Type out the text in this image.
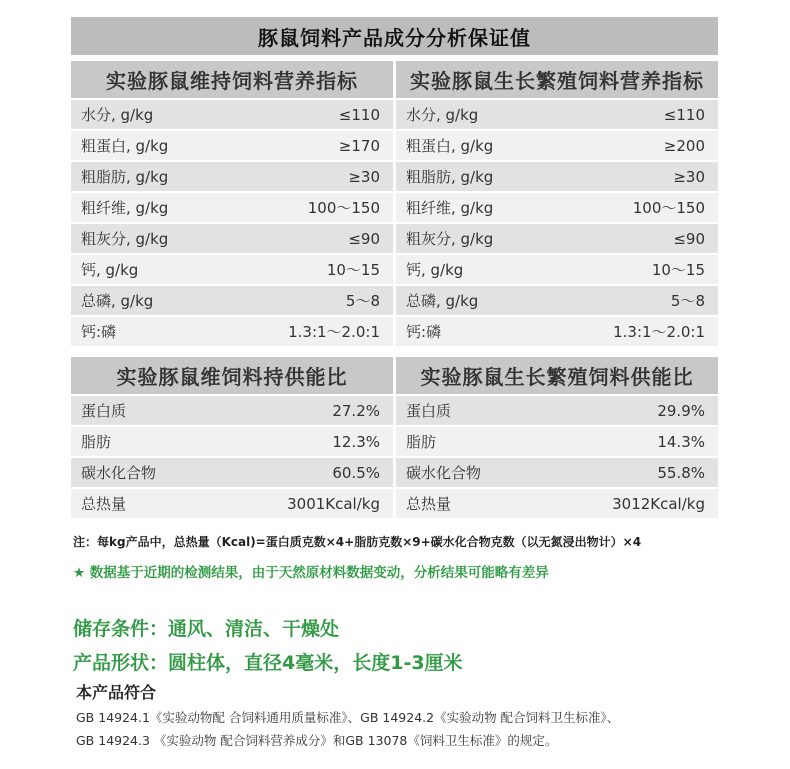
豚鼠饲料产品成分分析保证值
实验豚鼠维持饲料营养指标
水分, g/kg	≤110
粗蛋白, g/kg	≥170
粗脂肪, g/kg	≥30
粗纤维, g/kg	100～150
粗灰分, g/kg	≤90
钙, g/kg	10～15
总磷, g/kg	5～8
钙:磷	1.3:1～2.0:1
实验豚鼠生长繁殖饲料营养指标
水分, g/kg	≤110
粗蛋白, g/kg	≥200
粗脂肪, g/kg	≥30
粗纤维, g/kg	100～150
粗灰分, g/kg	≤90
钙, g/kg	10～15
总磷, g/kg	5～8
钙:磷	1.3:1～2.0:1
实验豚鼠维饲料持供能比
蛋白质	27.2%
脂肪	12.3%
碳水化合物	60.5%
总热量	3001Kcal/kg
实验豚鼠生长繁殖饲料供能比
蛋白质	29.9%
脂肪	14.3%
碳水化合物	55.8%
总热量	3012Kcal/kg
注：每kg产品中，总热量（Kcal)=蛋白质克数×4+脂肪克数×9+碳水化合物克数（以无氮浸出物计）×4
★ 数据基于近期的检测结果，由于天然原材料数据变动，分析结果可能略有差异
储存条件：通风、清洁、干燥处
产品形状：圆柱体，直径4毫米，长度1-3厘米
本产品符合
GB 14924.1《实验动物配 合饲料通用质量标准》、GB 14924.2《实验动物 配合饲料卫生标准》、
GB 14924.3 《实验动物 配合饲料营养成分》和GB 13078《饲料卫生标准》的规定。
